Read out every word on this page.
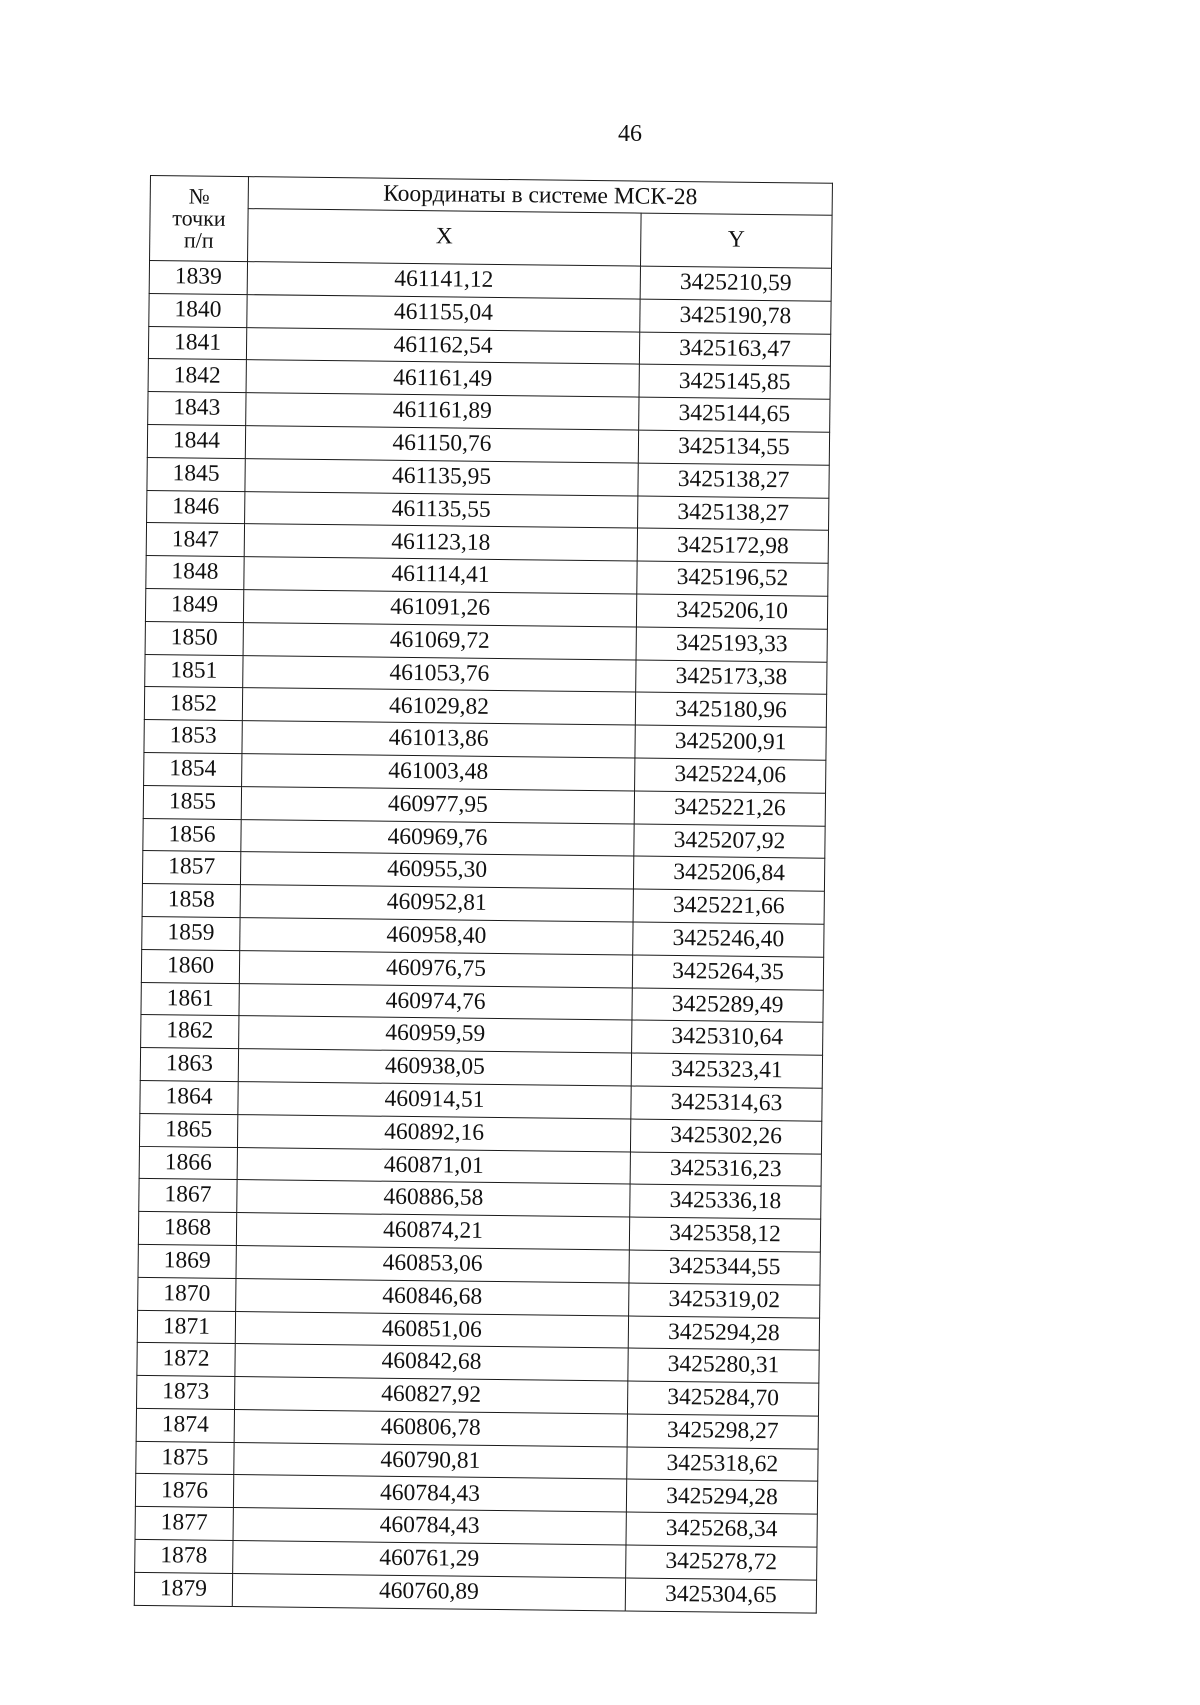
46
№
точки
п/п	Координаты в системе МСК-28	
	X	Y
1839	461141,12	3425210,59
1840	461155,04	3425190,78
1841	461162,54	3425163,47
1842	461161,49	3425145,85
1843	461161,89	3425144,65
1844	461150,76	3425134,55
1845	461135,95	3425138,27
1846	461135,55	3425138,27
1847	461123,18	3425172,98
1848	461114,41	3425196,52
1849	461091,26	3425206,10
1850	461069,72	3425193,33
1851	461053,76	3425173,38
1852	461029,82	3425180,96
1853	461013,86	3425200,91
1854	461003,48	3425224,06
1855	460977,95	3425221,26
1856	460969,76	3425207,92
1857	460955,30	3425206,84
1858	460952,81	3425221,66
1859	460958,40	3425246,40
1860	460976,75	3425264,35
1861	460974,76	3425289,49
1862	460959,59	3425310,64
1863	460938,05	3425323,41
1864	460914,51	3425314,63
1865	460892,16	3425302,26
1866	460871,01	3425316,23
1867	460886,58	3425336,18
1868	460874,21	3425358,12
1869	460853,06	3425344,55
1870	460846,68	3425319,02
1871	460851,06	3425294,28
1872	460842,68	3425280,31
1873	460827,92	3425284,70
1874	460806,78	3425298,27
1875	460790,81	3425318,62
1876	460784,43	3425294,28
1877	460784,43	3425268,34
1878	460761,29	3425278,72
1879	460760,89	3425304,65
